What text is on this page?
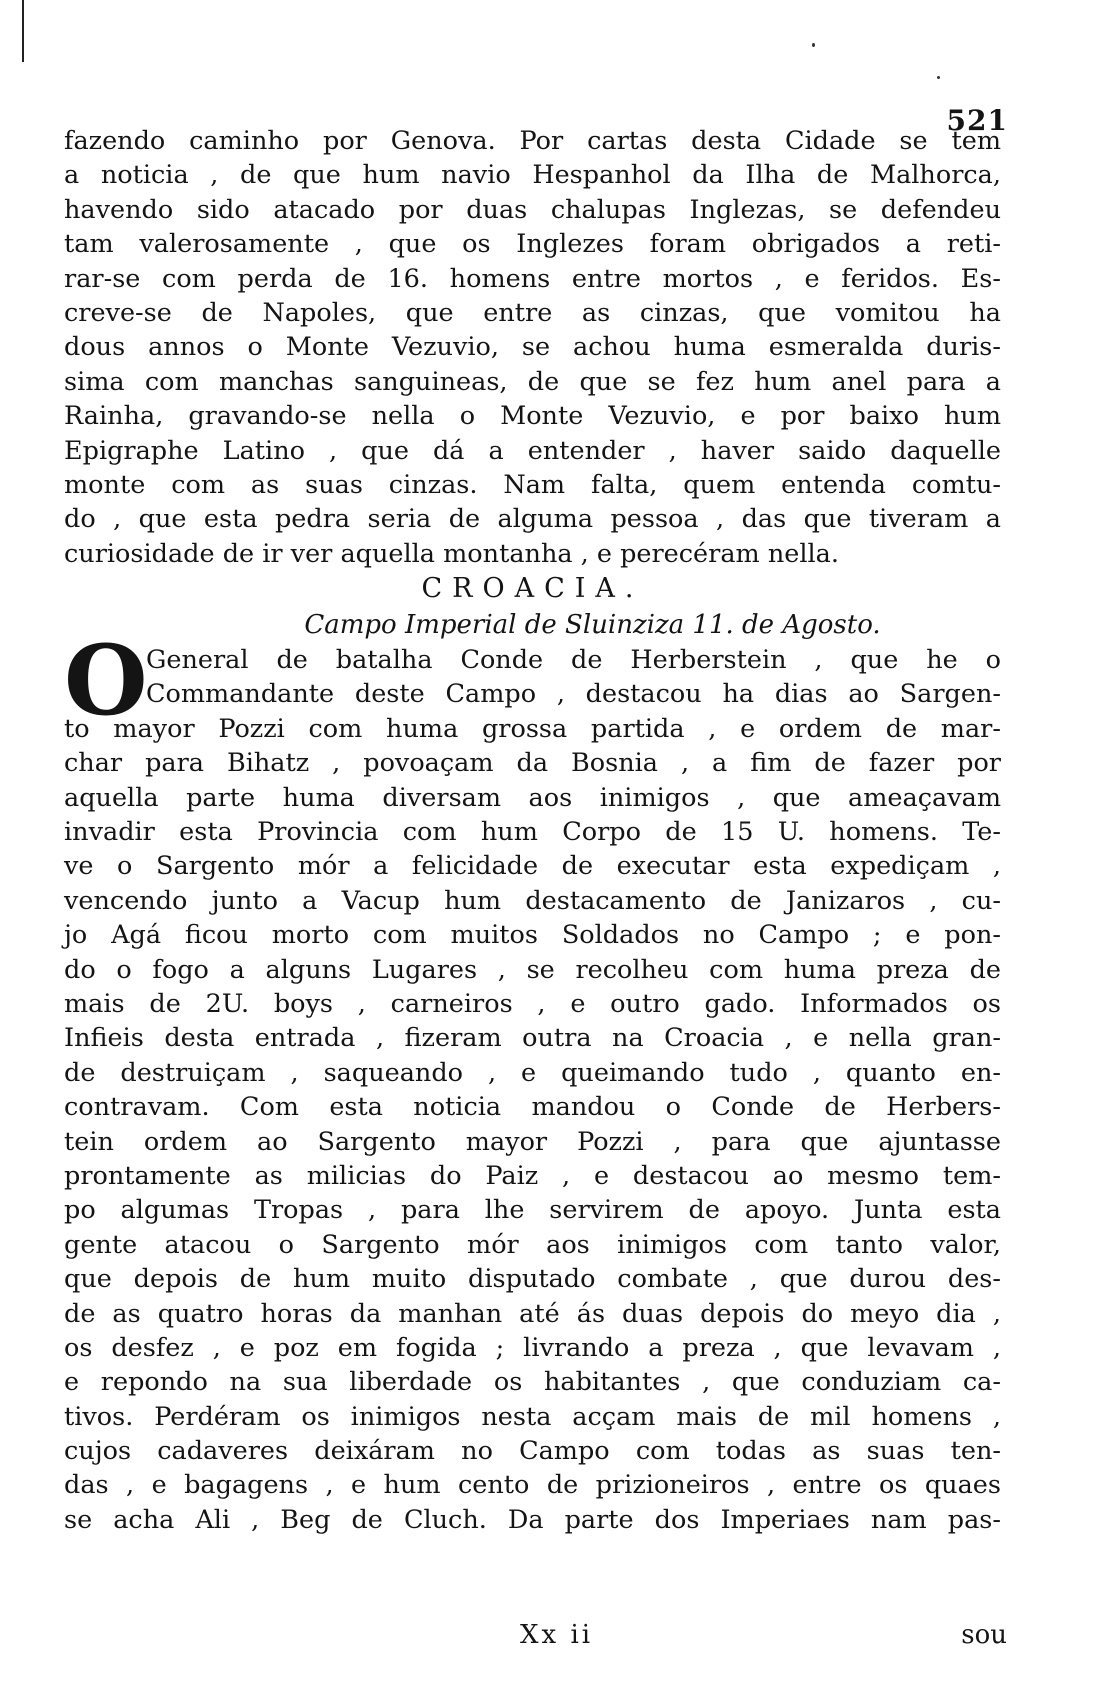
521
fazendo caminho por Genova. Por cartas desta Cidade se tem
a noticia , de que hum navio Hespanhol da Ilha de Malhorca,
havendo sido atacado por duas chalupas Inglezas, se defendeu
tam valerosamente , que os Inglezes foram obrigados a reti-
rar-se com perda de 16. homens entre mortos , e feridos. Es-
creve-se de Napoles, que entre as cinzas, que vomitou ha
dous annos o Monte Vezuvio, se achou huma esmeralda duris-
sima com manchas sanguineas, de que se fez hum anel para a
Rainha, gravando-se nella o Monte Vezuvio, e por baixo hum
Epigraphe Latino , que dá a entender , haver saido daquelle
monte com as suas cinzas. Nam falta, quem entenda comtu-
do , que esta pedra seria de alguma pessoa , das que tiveram a
curiosidade de ir ver aquella montanha , e perecéram nella.
CROACIA.
Campo Imperial de Sluinziza 11. de Agosto.
O
General de batalha Conde de Herberstein , que he o
Commandante deste Campo , destacou ha dias ao Sargen-
to mayor Pozzi com huma grossa partida , e ordem de mar-
char para Bihatz , povoaçam da Bosnia , a fim de fazer por
aquella parte huma diversam aos inimigos , que ameaçavam
invadir esta Provincia com hum Corpo de 15 U. homens. Te-
ve o Sargento mór a felicidade de executar esta expediçam ,
vencendo junto a Vacup hum destacamento de Janizaros , cu-
jo Agá ficou morto com muitos Soldados no Campo ; e pon-
do o fogo a alguns Lugares , se recolheu com huma preza de
mais de 2U. boys , carneiros , e outro gado. Informados os
Infieis desta entrada , fizeram outra na Croacia , e nella gran-
de destruiçam , saqueando , e queimando tudo , quanto en-
contravam. Com esta noticia mandou o Conde de Herbers-
tein ordem ao Sargento mayor Pozzi , para que ajuntasse
prontamente as milicias do Paiz , e destacou ao mesmo tem-
po algumas Tropas , para lhe servirem de apoyo. Junta esta
gente atacou o Sargento mór aos inimigos com tanto valor,
que depois de hum muito disputado combate , que durou des-
de as quatro horas da manhan até ás duas depois do meyo dia ,
os desfez , e poz em fogida ; livrando a preza , que levavam ,
e repondo na sua liberdade os habitantes , que conduziam ca-
tivos. Perdéram os inimigos nesta acçam mais de mil homens ,
cujos cadaveres deixáram no Campo com todas as suas ten-
das , e bagagens , e hum cento de prizioneiros , entre os quaes
se acha Ali , Beg de Cluch. Da parte dos Imperiaes nam pas-
Xx ii	sou
